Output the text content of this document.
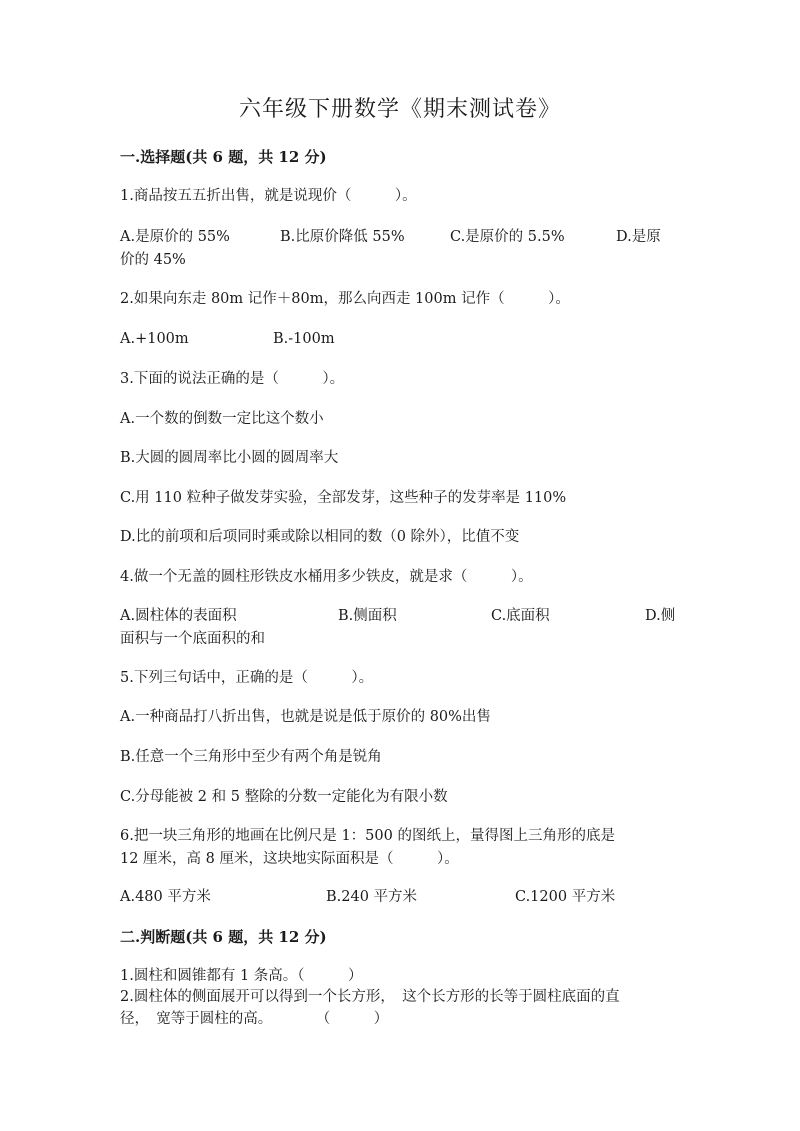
六年级下册数学《期末测试卷》
一.选择题(共 6 题，共 12 分)
1.商品按五五折出售，就是说现价（　　　）。
A.是原价的 55%	B.比原价降低 55%	C.是原价的 5.5%	D.是原
价的 45%
2.如果向东走 80m 记作＋80m，那么向西走 100m 记作（　　　）。
A.+100m	B.-100m
3.下面的说法正确的是（　　　）。
A.一个数的倒数一定比这个数小
B.大圆的圆周率比小圆的圆周率大
C.用 110 粒种子做发芽实验，全部发芽，这些种子的发芽率是 110%
D.比的前项和后项同时乘或除以相同的数（0 除外），比值不变
4.做一个无盖的圆柱形铁皮水桶用多少铁皮，就是求（　　　）。
A.圆柱体的表面积	B.侧面积	C.底面积	D.侧
面积与一个底面积的和
5.下列三句话中，正确的是（　　　）。
A.一种商品打八折出售，也就是说是低于原价的 80%出售
B.任意一个三角形中至少有两个角是锐角
C.分母能被 2 和 5 整除的分数一定能化为有限小数
6.把一块三角形的地画在比例尺是 1：500 的图纸上，量得图上三角形的底是
12 厘米，高 8 厘米，这块地实际面积是（　　　）。
A.480 平方米	B.240 平方米	C.1200 平方米
二.判断题(共 6 题，共 12 分)
1.圆柱和圆锥都有 1 条高。（　　　）
2.圆柱体的侧面展开可以得到一个长方形，　这个长方形的长等于圆柱底面的直
径，　宽等于圆柱的高。　　　　（　　　）
